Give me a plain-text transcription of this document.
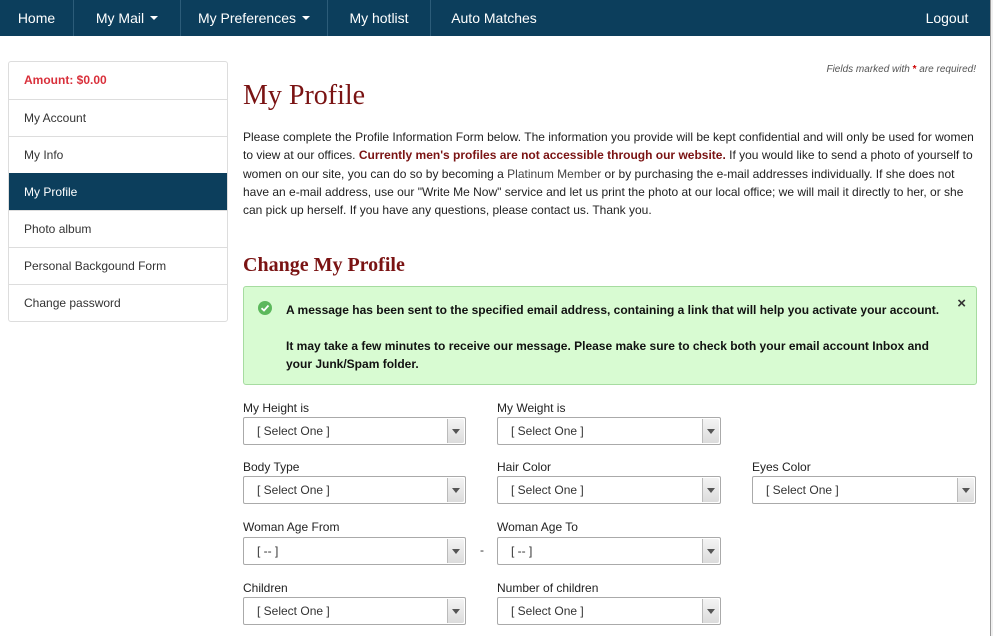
Home	My Mail	My Preferences	My hotlist	Auto Matches	Logout
Amount: $0.00
My Account
My Info
My Profile
Photo album
Personal Backgound Form
Change password
Fields marked with * are required!
My Profile

Please complete the Profile Information Form below. The information you provide will be kept confidential and will only be used for women to view at our offices. Currently men's profiles are not accessible through our website. If you would like to send a photo of yourself to women on our site, you can do so by becoming a Platinum Member or by purchasing the e-mail addresses individually. If she does not have an e-mail address, use our "Write Me Now" service and let us print the photo at our local office; we will mail it directly to her, or she can pick up herself. If you have any questions, please contact us. Thank you.

Change My Profile
A message has been sent to the specified email address, containing a link that will help you activate your account.
It may take a few minutes to receive our message. Please make sure to check both your email account Inbox and your Junk/Spam folder.
×
My Height is
[ Select One ]
My Weight is
[ Select One ]
Body Type
[ Select One ]
Hair Color
[ Select One ]
Eyes Color
[ Select One ]
Woman Age From
[ -- ]	-
Woman Age To
[ -- ]
Children
[ Select One ]
Number of children
[ Select One ]
